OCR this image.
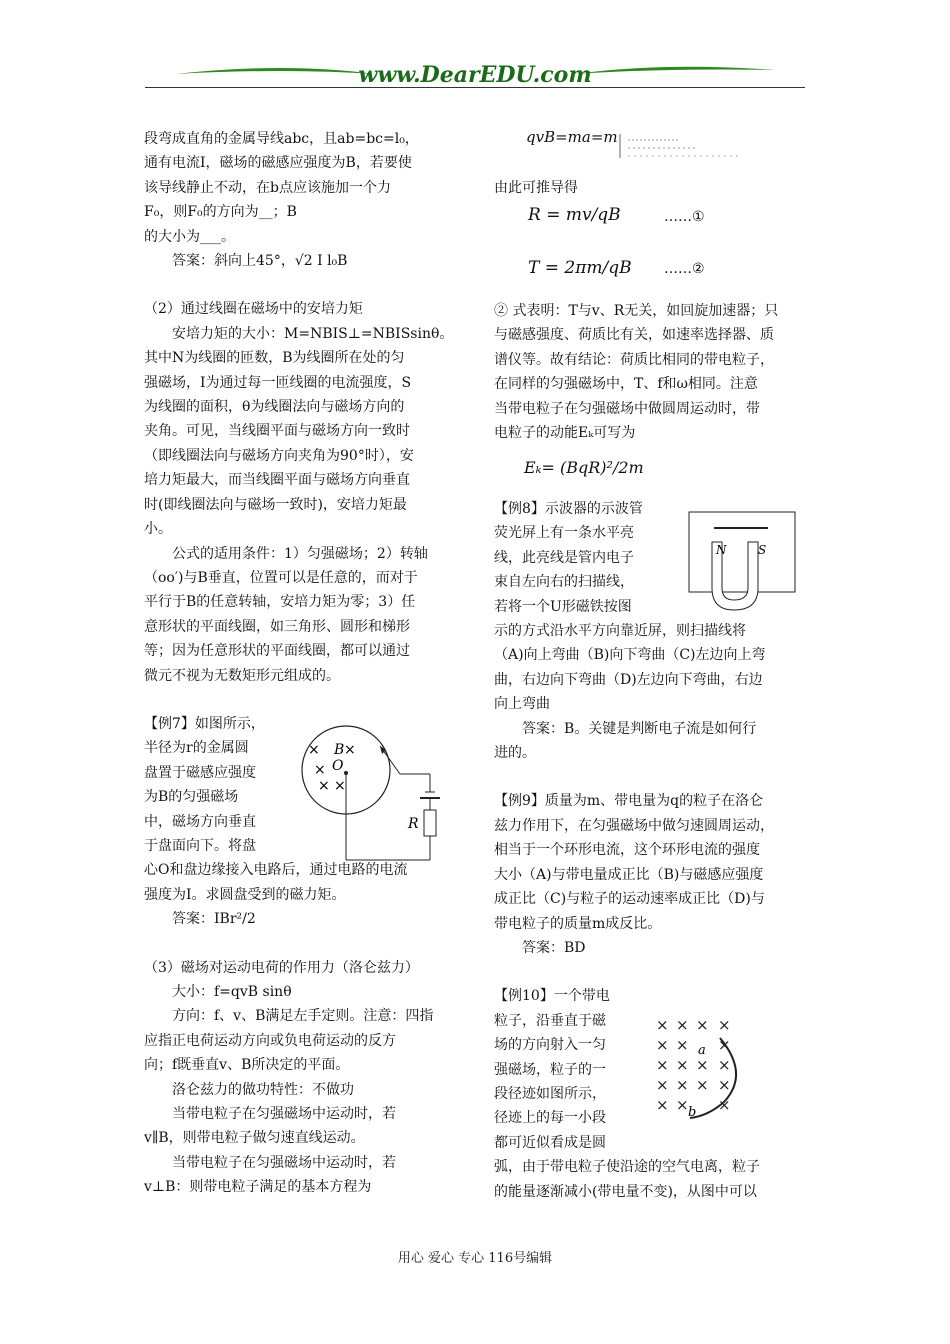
www.DearEDU.com

段弯成直角的金属导线abc，且ab=bc=l₀，

通有电流I，磁场的磁感应强度为B，若要使

该导线静止不动，在b点应该施加一个力

F₀，则F₀的方向为__；B

的大小为___。

答案：斜向上45°，√2 I l₀B

（2）通过线圈在磁场中的安培力矩

安培力矩的大小：M=NBIS⊥=NBISsinθ。

其中N为线圈的匝数，B为线圈所在处的匀

强磁场，I为通过每一匝线圈的电流强度，S

为线圈的面积，θ为线圈法向与磁场方向的

夹角。可见，当线圈平面与磁场方向一致时

（即线圈法向与磁场方向夹角为90°时），安

培力矩最大，而当线圈平面与磁场方向垂直

时(即线圈法向与磁场一致时)，安培力矩最

小。

公式的适用条件：1）匀强磁场；2）转轴

（oo′)与B垂直，位置可以是任意的，而对于

平行于B的任意转轴，安培力矩为零；3）任

意形状的平面线圈，如三角形、圆形和梯形

等；因为任意形状的平面线圈，都可以通过

微元不视为无数矩形元组成的。

【例7】如图所示，

半径为r的金属圆

盘置于磁感应强度

为B的匀强磁场

中，磁场方向垂直

于盘面向下。将盘

心O和盘边缘接入电路后，通过电路的电流

强度为I。求圆盘受到的磁力矩。

答案：IBr²/2

（3）磁场对运动电荷的作用力（洛仑兹力）

大小：f=qvB sinθ

方向：f、v、B满足左手定则。注意：四指

应指正电荷运动方向或负电荷运动的反方

向；f既垂直v、B所决定的平面。

洛仑兹力的做功特性：不做功

当带电粒子在匀强磁场中运动时，若

v∥B，则带电粒子做匀速直线运动。

当带电粒子在匀强磁场中运动时，若

v⊥B：则带电粒子满足的基本方程为

× B ×
× O
× ×
R
qvB=ma=m

由此可推导得

R = mv/qB	……①
T = 2πm/qB ……②

② 式表明：T与v、R无关，如回旋加速器；只

与磁感强度、荷质比有关，如速率选择器、质

谱仪等。故有结论：荷质比相同的带电粒子，

在同样的匀强磁场中，T、f和ω相同。注意

当带电粒子在匀强磁场中做圆周运动时，带

电粒子的动能Eₖ可写为

Eₖ= (BqR)²/2m

【例8】示波器的示波管

荧光屏上有一条水平亮

线，此亮线是管内电子

束自左向右的扫描线，

若将一个U形磁铁按图

示的方式沿水平方向靠近屏，则扫描线将

（A)向上弯曲（B)向下弯曲（C)左边向上弯

曲，右边向下弯曲（D)左边向下弯曲，右边

向上弯曲

答案：B。关键是判断电子流是如何行

进的。

【例9】质量为m、带电量为q的粒子在洛仑

兹力作用下，在匀强磁场中做匀速圆周运动，

相当于一个环形电流，这个环形电流的强度

大小（A)与带电量成正比（B)与磁感应强度

成正比（C)与粒子的运动速率成正比（D)与

带电粒子的质量m成反比。

答案：BD

【例10】一个带电

粒子，沿垂直于磁

场的方向射入一匀

强磁场，粒子的一

段径迹如图所示，

径迹上的每一小段

都可近似看成是圆

弧，由于带电粒子使沿途的空气电离，粒子

的能量逐渐减小(带电量不变)，从图中可以

N	S
× × × ×
× × ×
× × × ×
× × × ×
× × ×
a
b
用心 爱心 专心 116号编辑
